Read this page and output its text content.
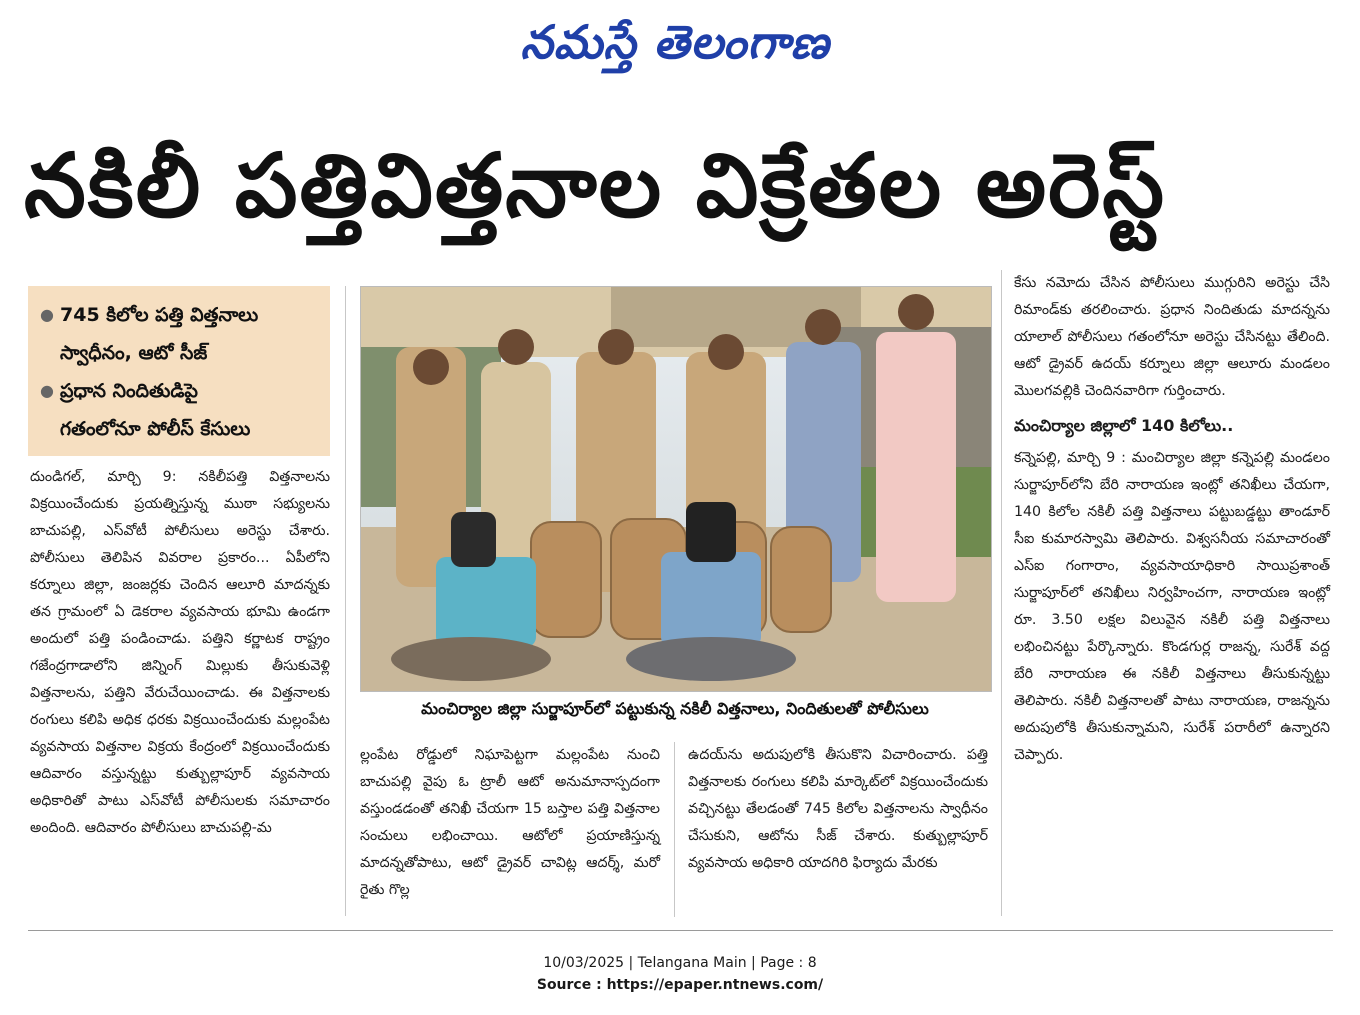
నమస్తే తెలంగాణ
నకిలీ పత్తివిత్తనాల విక్రేతల అరెస్ట్
● 745 కిలోల పత్తి విత్తనాలు
స్వాధీనం, ఆటో సీజ్
● ప్రధాన నిందితుడిపై
గతంలోనూ పోలీస్ కేసులు

దుండిగల్, మార్చి 9: నకిలీపత్తి విత్తనాలను విక్రయించేందుకు ప్రయత్నిస్తున్న ముఠా సభ్యులను బాచుపల్లి, ఎస్‌వోటీ పోలీసులు అరెస్టు చేశారు. పోలీసులు తెలిపిన వివరాల ప్రకారం... ఏపీలోని కర్నూలు జిల్లా, జంజర్లకు చెందిన ఆలూరి మాదన్నకు తన గ్రామంలో ఏ డెకరాల వ్యవసాయ భూమి ఉండగా అందులో పత్తి పండించాడు. పత్తిని కర్ణాటక రాష్ట్రం గజేంద్రగాడాలోని జిన్నింగ్ మిల్లుకు తీసుకువెళ్లి విత్తనాలను, పత్తిని వేరుచేయించాడు. ఈ విత్తనాలకు రంగులు కలిపి అధిక ధరకు విక్రయించేందుకు మల్లంపేట వ్యవసాయ విత్తనాల విక్రయ కేంద్రంలో విక్రయించేందుకు ఆదివారం వస్తున్నట్టు కుత్బుల్లాపూర్ వ్యవసాయ అధికారితో పాటు ఎస్‌వోటీ పోలీసులకు సమాచారం అందింది. ఆదివారం పోలీసులు బాచుపల్లి-మ

మంచిర్యాల జిల్లా సుర్జాపూర్‌లో పట్టుకున్న నకిలీ విత్తనాలు, నిందితులతో పోలీసులు

ల్లంపేట రోడ్డులో నిఘాపెట్టగా మల్లంపేట నుంచి బాచుపల్లి వైపు ఓ ట్రాలీ ఆటో అనుమానాస్పదంగా వస్తుండడంతో తనిఖీ చేయగా 15 బస్తాల పత్తి విత్తనాల సంచులు లభించాయి. ఆటోలో ప్రయాణిస్తున్న మాదన్నతోపాటు, ఆటో డ్రైవర్ చావిట్ల ఆదర్శ్, మరో రైతు గొల్ల

ఉదయ్‌ను అదుపులోకి తీసుకొని విచారించారు. పత్తి విత్తనాలకు రంగులు కలిపి మార్కెట్‌లో విక్రయించేందుకు వచ్చినట్టు తేలడంతో 745 కిలోల విత్తనాలను స్వాధీనం చేసుకుని, ఆటోను సీజ్ చేశారు. కుత్బుల్లాపూర్ వ్యవసాయ అధికారి యాదగిరి ఫిర్యాదు మేరకు

కేసు నమోదు చేసిన పోలీసులు ముగ్గురిని అరెస్టు చేసి రిమాండ్‌కు తరలించారు. ప్రధాన నిందితుడు మాదన్నను యాలాల్ పోలీసులు గతంలోనూ అరెస్టు చేసినట్టు తేలింది. ఆటో డ్రైవర్ ఉదయ్ కర్నూలు జిల్లా ఆలూరు మండలం మొలగవల్లికి చెందినవారిగా గుర్తించారు.

మంచిర్యాల జిల్లాలో 140 కిలోలు..

కన్నెపల్లి, మార్చి 9 : మంచిర్యాల జిల్లా కన్నెపల్లి మండలం సుర్జాపూర్‌లోని బేరి నారాయణ ఇంట్లో తనిఖీలు చేయగా, 140 కిలోల నకిలీ పత్తి విత్తనాలు పట్టుబడ్డట్టు తాండూర్ సీఐ కుమారస్వామి తెలిపారు. విశ్వసనీయ సమాచారంతో ఎస్ఐ గంగారాం, వ్యవసాయాధికారి సాయిప్రశాంత్ సుర్జాపూర్‌లో తనిఖీలు నిర్వహించగా, నారాయణ ఇంట్లో రూ. 3.50 లక్షల విలువైన నకిలీ పత్తి విత్తనాలు లభించినట్టు పేర్కొన్నారు. కొండగుర్ల రాజన్న, సురేశ్ వద్ద బేరి నారాయణ ఈ నకిలీ విత్తనాలు తీసుకున్నట్టు తెలిపారు. నకిలీ విత్తనాలతో పాటు నారాయణ, రాజన్నను అదుపులోకి తీసుకున్నామని, సురేశ్ పరారీలో ఉన్నారని చెప్పారు.

10/03/2025 | Telangana Main | Page : 8
Source : https://epaper.ntnews.com/
